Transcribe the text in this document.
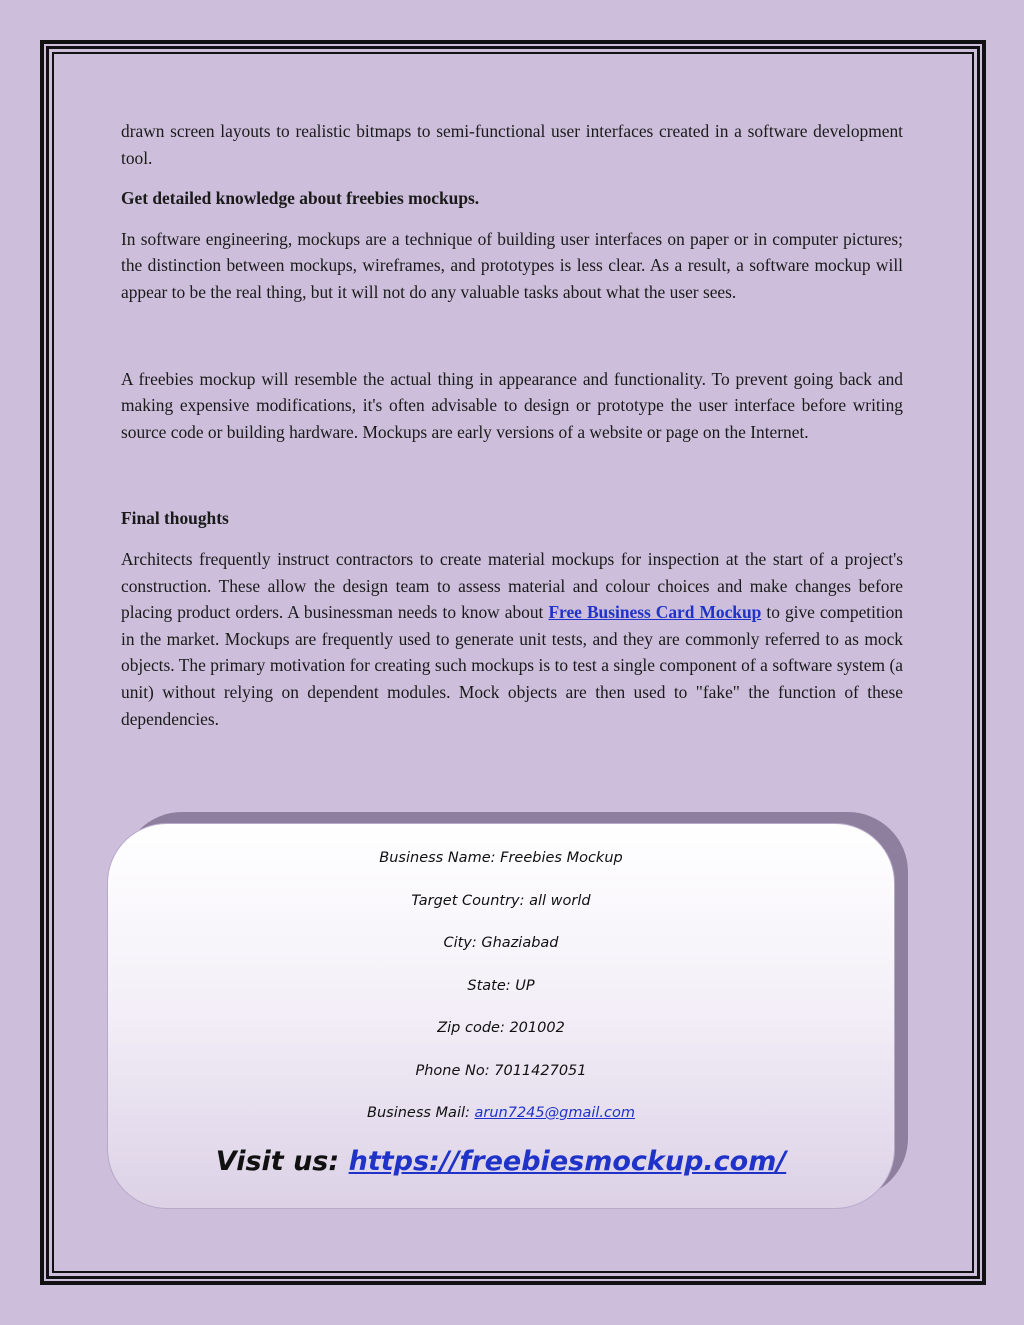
drawn screen layouts to realistic bitmaps to semi-functional user interfaces created in a software development tool.

Get detailed knowledge about freebies mockups.

In software engineering, mockups are a technique of building user interfaces on paper or in computer pictures; the distinction between mockups, wireframes, and prototypes is less clear. As a result, a software mockup will appear to be the real thing, but it will not do any valuable tasks about what the user sees.

A freebies mockup will resemble the actual thing in appearance and functionality. To prevent going back and making expensive modifications, it's often advisable to design or prototype the user interface before writing source code or building hardware. Mockups are early versions of a website or page on the Internet.

Final thoughts

Architects frequently instruct contractors to create material mockups for inspection at the start of a project's construction. These allow the design team to assess material and colour choices and make changes before placing product orders. A businessman needs to know about Free Business Card Mockup to give competition in the market. Mockups are frequently used to generate unit tests, and they are commonly referred to as mock objects. The primary motivation for creating such mockups is to test a single component of a software system (a unit) without relying on dependent modules. Mock objects are then used to "fake" the function of these dependencies.

Business Name: Freebies Mockup
Target Country: all world
City: Ghaziabad
State: UP
Zip code: 201002
Phone No: 7011427051
Business Mail: arun7245@gmail.com
Visit us: https://freebiesmockup.com/
